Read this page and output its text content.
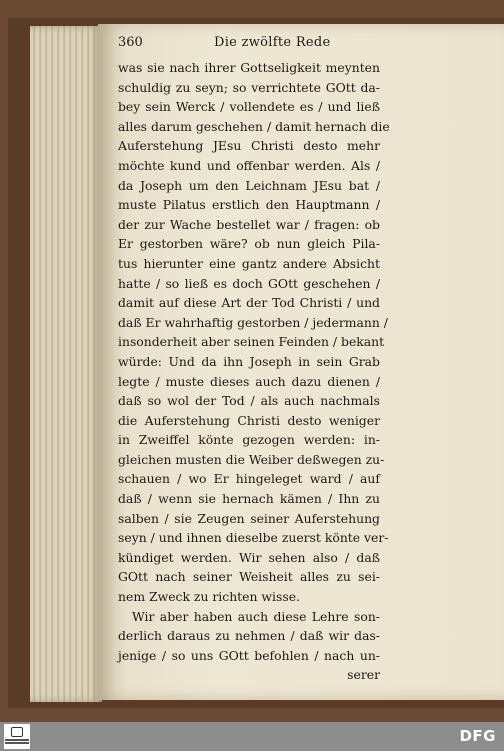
360	Die zwölfte Rede
was sie nach ihrer Gottseligkeit meynten
schuldig zu seyn; so verrichtete GOtt da-
bey sein Werck / vollendete es / und ließ
alles darum geschehen / damit hernach die
Auferstehung JEsu Christi desto mehr
möchte kund und offenbar werden. Als /
da Joseph um den Leichnam JEsu bat /
muste Pilatus erstlich den Hauptmann /
der zur Wache bestellet war / fragen: ob
Er gestorben wäre? ob nun gleich Pila-
tus hierunter eine gantz andere Absicht
hatte / so ließ es doch GOtt geschehen /
damit auf diese Art der Tod Christi / und
daß Er wahrhaftig gestorben / jedermann /
insonderheit aber seinen Feinden / bekant
würde: Und da ihn Joseph in sein Grab
legte / muste dieses auch dazu dienen /
daß so wol der Tod / als auch nachmals
die Auferstehung Christi desto weniger
in Zweiffel könte gezogen werden: in-
gleichen musten die Weiber deßwegen zu-
schauen / wo Er hingeleget ward / auf
daß / wenn sie hernach kämen / Ihn zu
salben / sie Zeugen seiner Auferstehung
seyn / und ihnen dieselbe zuerst könte ver-
kündiget werden. Wir sehen also / daß
GOtt nach seiner Weisheit alles zu sei-
nem Zweck zu richten wisse.
Wir aber haben auch diese Lehre son-
derlich daraus zu nehmen / daß wir das-
jenige / so uns GOtt befohlen / nach un-
serer
DFG
